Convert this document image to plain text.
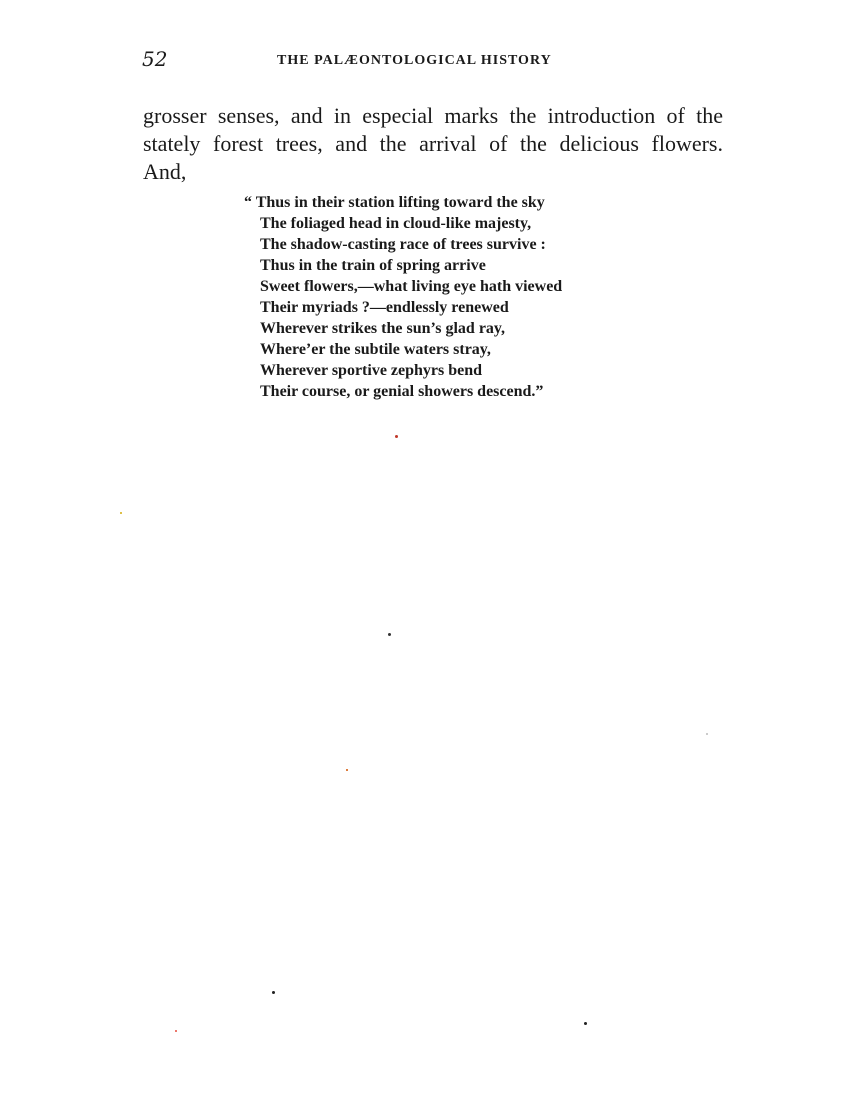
52	THE PALÆONTOLOGICAL HISTORY
grosser senses, and in especial marks the introduction of the
stately forest trees, and the arrival of the delicious flowers.
And,
“ Thus in their station lifting toward the sky
The foliaged head in cloud-like majesty,
The shadow-casting race of trees survive :
Thus in the train of spring arrive
Sweet flowers,—what living eye hath viewed
Their myriads ?—endlessly renewed
Wherever strikes the sun’s glad ray,
Where’er the subtile waters stray,
Wherever sportive zephyrs bend
Their course, or genial showers descend.”
